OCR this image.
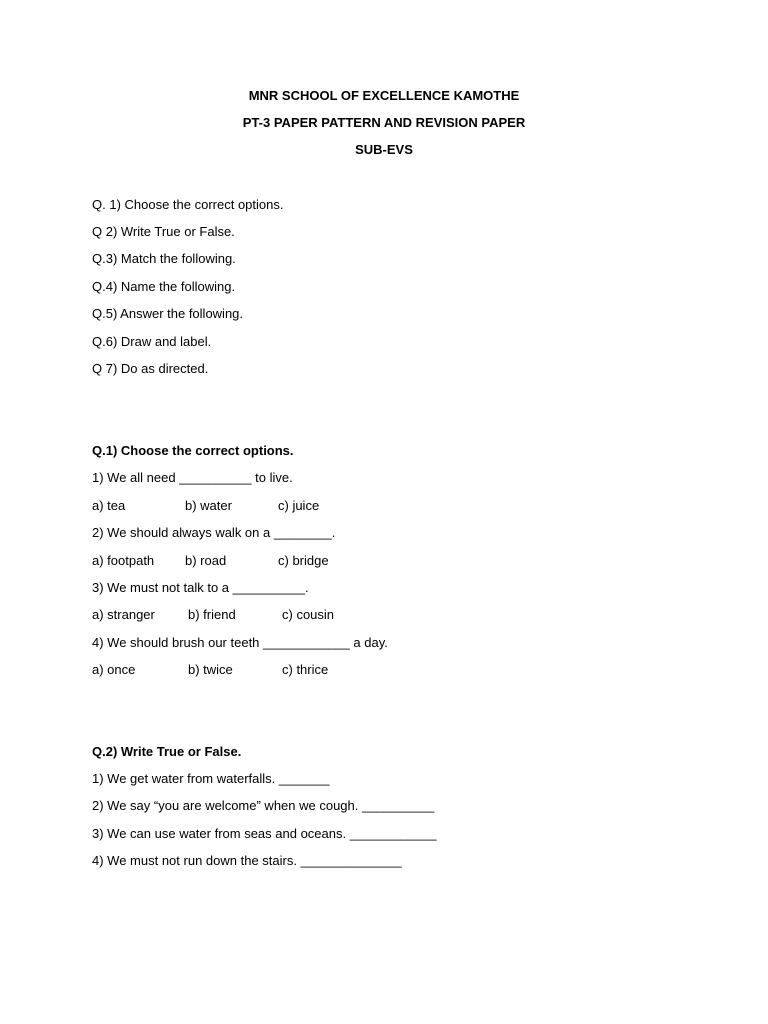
MNR SCHOOL OF EXCELLENCE KAMOTHE
PT-3 PAPER PATTERN AND REVISION PAPER
SUB-EVS
Q. 1) Choose the correct options.
Q 2) Write True or False.
Q.3) Match the following.
Q.4) Name the following.
Q.5) Answer the following.
Q.6) Draw and label.
Q 7) Do as directed.
Q.1) Choose the correct options.
1) We all need __________ to live.
a) tea	b) water	c) juice
2) We should always walk on a ________.
a) footpath b) road	c) bridge
3) We must not talk to a __________.
a) stranger	b) friend	c) cousin
4) We should brush our teeth ____________ a day.
a) once	b) twice	c) thrice
Q.2) Write True or False.
1) We get water from waterfalls. _______
2) We say “you are welcome” when we cough. __________
3) We can use water from seas and oceans. ____________
4) We must not run down the stairs. ______________
